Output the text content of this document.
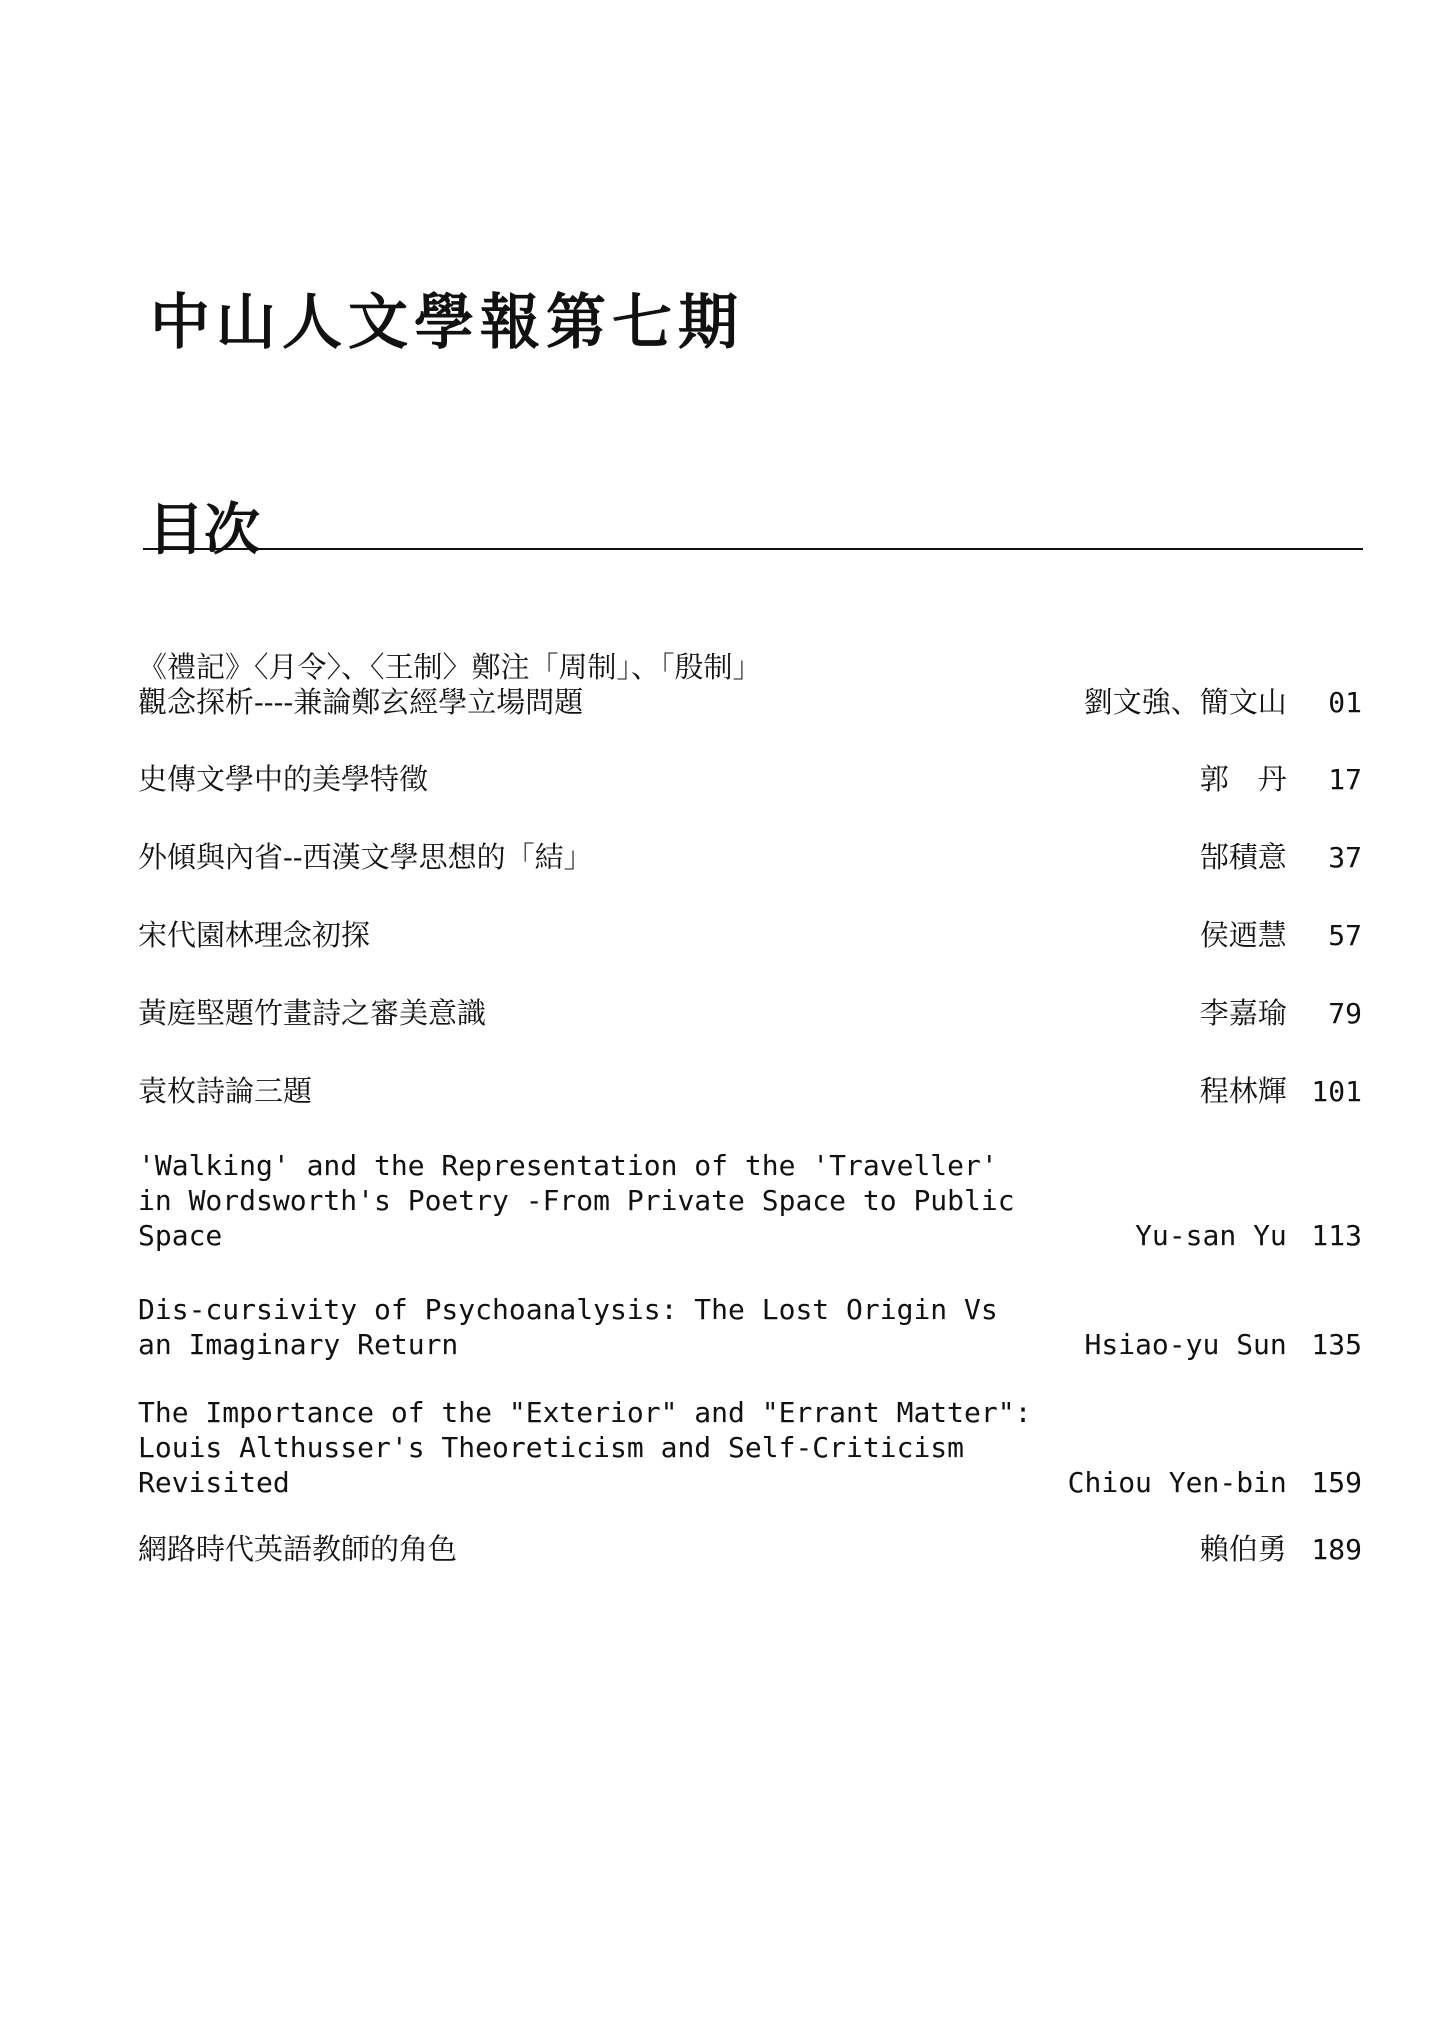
中山人文學報第七期
目次
《禮記》〈月令〉、〈王制〉鄭注「周制」、「殷制」
觀念探析----兼論鄭玄經學立場問題	劉文強、簡文山 01
史傳文學中的美學特徵	郭　丹 17
外傾與內省--西漢文學思想的「結」	郜積意 37
宋代園林理念初探	侯迺慧 57
黃庭堅題竹畫詩之審美意識	李嘉瑜 79
袁枚詩論三題	程林輝 101
'Walking' and the Representation of the 'Traveller'
in Wordsworth's Poetry -From Private Space to Public
Space	Yu-san Yu 113
Dis-cursivity of Psychoanalysis: The Lost Origin Vs
an Imaginary Return	Hsiao-yu Sun 135
The Importance of the "Exterior" and "Errant Matter":
Louis Althusser's Theoreticism and Self-Criticism
Revisited	Chiou Yen-bin 159
網路時代英語教師的角色	賴伯勇 189
